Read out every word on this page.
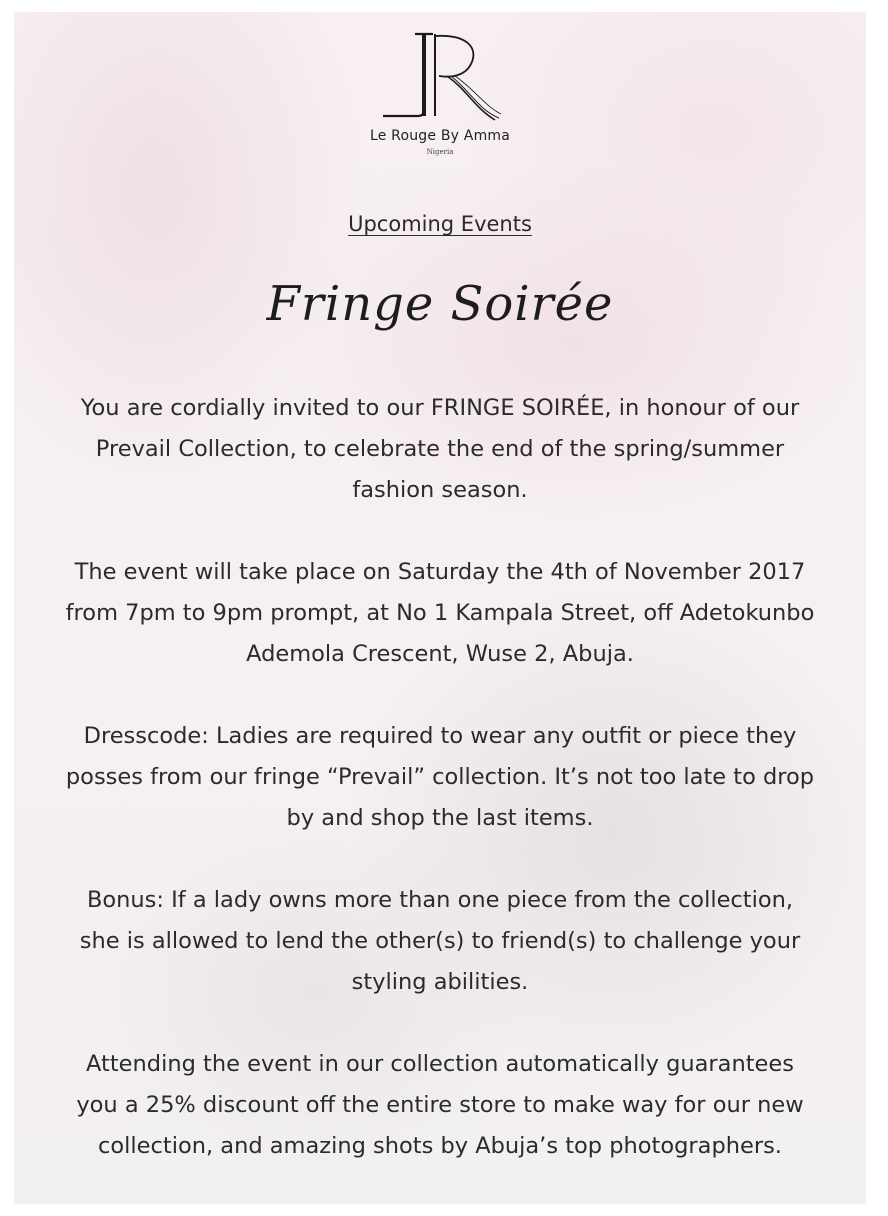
Le Rouge By Amma
Nigeria
Upcoming Events
Fringe Soirée
You are cordially invited to our FRINGE SOIRÉE, in honour of our Prevail Collection, to celebrate the end of the spring/summer fashion season.
The event will take place on Saturday the 4th of November 2017 from 7pm to 9pm prompt, at No 1 Kampala Street, off Adetokunbo Ademola Crescent, Wuse 2, Abuja.
Dresscode: Ladies are required to wear any outfit or piece they posses from our fringe “Prevail” collection. It’s not too late to drop by and shop the last items.
Bonus: If a lady owns more than one piece from the collection, she is allowed to lend the other(s) to friend(s) to challenge your styling abilities.
Attending the event in our collection automatically guarantees you a 25% discount off the entire store to make way for our new collection, and amazing shots by Abuja’s top photographers.
